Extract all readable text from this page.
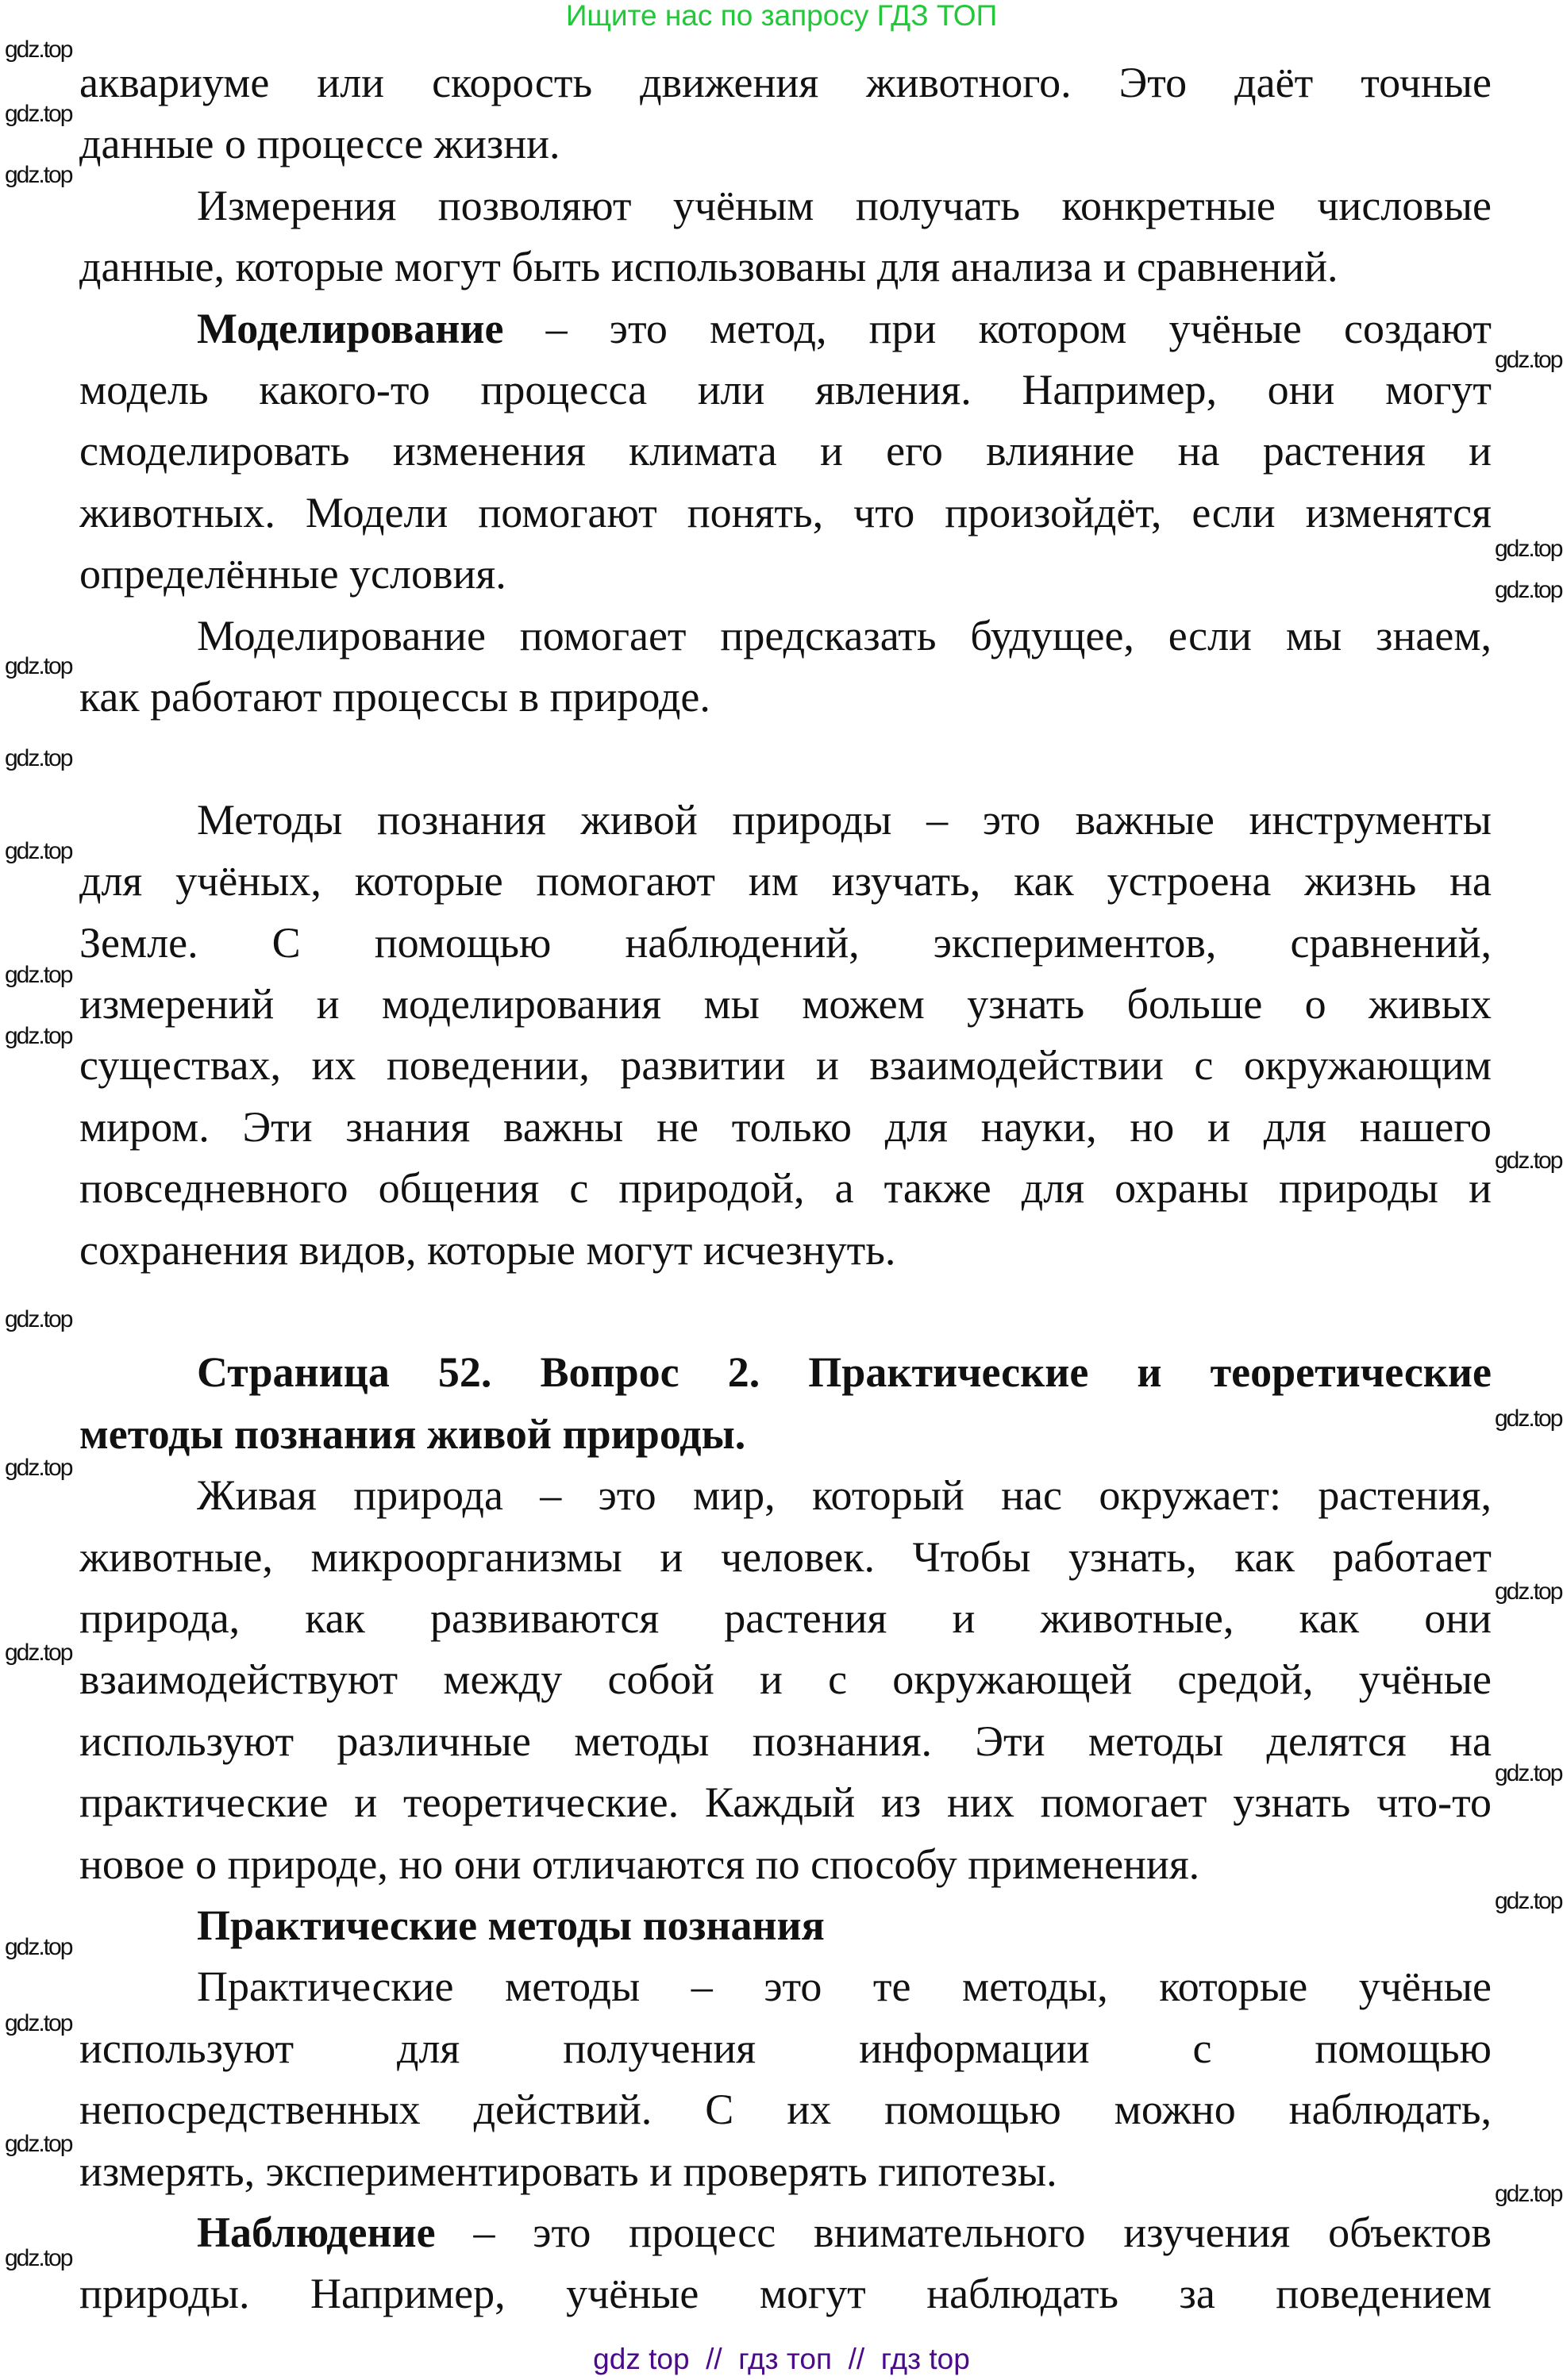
Ищите нас по запросу ГДЗ ТОП
аквариуме или скорость движения животного. Это даёт точные
данные о процессе жизни.
Измерения позволяют учёным получать конкретные числовые
данные, которые могут быть использованы для анализа и сравнений.
Моделирование – это метод, при котором учёные создают
модель какого-то процесса или явления. Например, они могут
смоделировать изменения климата и его влияние на растения и
животных. Модели помогают понять, что произойдёт, если изменятся
определённые условия.
Моделирование помогает предсказать будущее, если мы знаем,
как работают процессы в природе.
Методы познания живой природы – это важные инструменты
для учёных, которые помогают им изучать, как устроена жизнь на
Земле. С помощью наблюдений, экспериментов, сравнений,
измерений и моделирования мы можем узнать больше о живых
существах, их поведении, развитии и взаимодействии с окружающим
миром. Эти знания важны не только для науки, но и для нашего
повседневного общения с природой, а также для охраны природы и
сохранения видов, которые могут исчезнуть.
Страница 52. Вопрос 2. Практические и теоретические
методы познания живой природы.
Живая природа – это мир, который нас окружает: растения,
животные, микроорганизмы и человек. Чтобы узнать, как работает
природа, как развиваются растения и животные, как они
взаимодействуют между собой и с окружающей средой, учёные
используют различные методы познания. Эти методы делятся на
практические и теоретические. Каждый из них помогает узнать что-то
новое о природе, но они отличаются по способу применения.
Практические методы познания
Практические методы – это те методы, которые учёные
используют для получения информации с помощью
непосредственных действий. С их помощью можно наблюдать,
измерять, экспериментировать и проверять гипотезы.
Наблюдение – это процесс внимательного изучения объектов
природы. Например, учёные могут наблюдать за поведением
gdz.top
gdz.top
gdz.top
gdz.top
gdz.top
gdz.top
gdz.top
gdz.top
gdz.top
gdz.top
gdz.top
gdz.top
gdz.top
gdz.top
gdz.top
gdz.top
gdz.top
gdz.top
gdz.top
gdz.top
gdz.top
gdz.top
gdz.top
gdz.top
gdz top  //  гдз топ  //  гдз top
